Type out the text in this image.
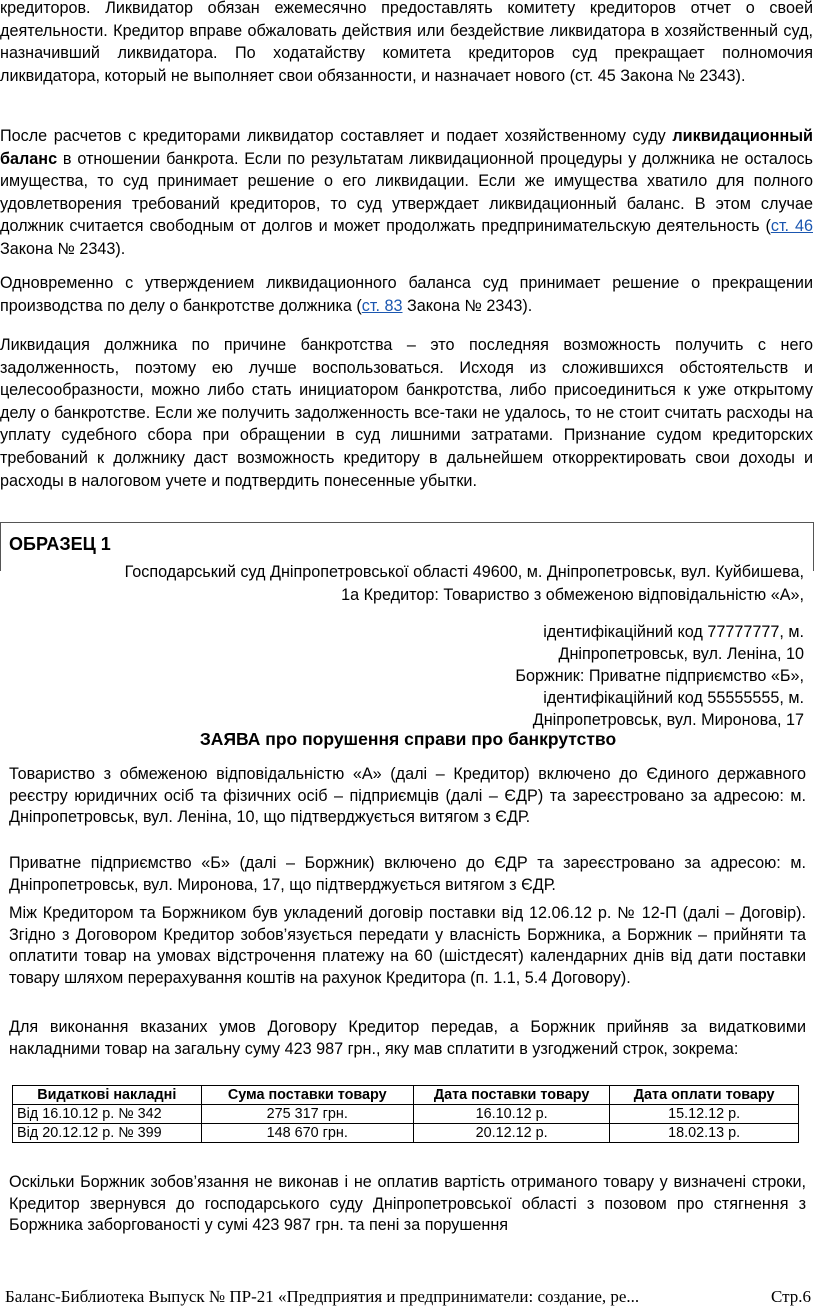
кредиторов. Ликвидатор обязан ежемесячно предоставлять комитету кредиторов отчет о своей деятельности. Кредитор вправе обжаловать действия или бездействие ликвидатора в хозяйственный суд, назначивший ликвидатора. По ходатайству комитета кредиторов суд прекращает полномочия ликвидатора, который не выполняет свои обязанности, и назначает нового (ст. 45 Закона № 2343).

После расчетов с кредиторами ликвидатор составляет и подает хозяйственному суду ликвидационный баланс в отношении банкрота. Если по результатам ликвидационной процедуры у должника не осталось имущества, то суд принимает решение о его ликвидации. Если же имущества хватило для полного удовлетворения требований кредиторов, то суд утверждает ликвидационный баланс. В этом случае должник считается свободным от долгов и может продолжать предпринимательскую деятельность (ст. 46 Закона № 2343).

Одновременно с утверждением ликвидационного баланса суд принимает решение о прекращении производства по делу о банкротстве должника (ст. 83 Закона № 2343).

Ликвидация должника по причине банкротства – это последняя возможность получить с него задолженность, поэтому ею лучше воспользоваться. Исходя из сложившихся обстоятельств и целесообразности, можно либо стать инициатором банкротства, либо присоединиться к уже открытому делу о банкротстве. Если же получить задолженность все-таки не удалось, то не стоит считать расходы на уплату судебного сбора при обращении в суд лишними затратами. Признание судом кредиторских требований к должнику даст возможность кредитору в дальнейшем откорректировать свои доходы и расходы в налоговом учете и подтвердить понесенные убытки.

ОБРАЗЕЦ 1

Господарський суд Дніпропетровської області 49600, м. Дніпропетровськ, вул. Куйбишева,

1а Кредитор: Товариство з обмеженою відповідальністю «А»,

ідентифікаційний код 77777777, м.

Дніпропетровськ, вул. Леніна, 10

Боржник: Приватне підприємство «Б»,

ідентифікаційний код 55555555, м.

Дніпропетровськ, вул. Миронова, 17

ЗАЯВА про порушення справи про банкрутство

Товариство з обмеженою відповідальністю «А» (далі – Кредитор) включено до Єдиного державного реєстру юридичних осіб та фізичних осіб – підприємців (далі – ЄДР) та зареєстровано за адресою: м. Дніпропетровськ, вул. Леніна, 10, що підтверджується витягом з ЄДР.

Приватне підприємство «Б» (далі – Боржник) включено до ЄДР та зареєстровано за адресою: м. Дніпропетровськ, вул. Миронова, 17, що підтверджується витягом з ЄДР.

Між Кредитором та Боржником був укладений договір поставки від 12.06.12 р. № 12-П (далі – Договір). Згідно з Договором Кредитор зобов’язується передати у власність Боржника, а Боржник – прийняти та оплатити товар на умовах відстрочення платежу на 60 (шістдесят) календарних днів від дати поставки товару шляхом перерахування коштів на рахунок Кредитора (п. 1.1, 5.4 Договору).

Для виконання вказаних умов Договору Кредитор передав, а Боржник прийняв за видатковими накладними товар на загальну суму 423 987 грн., яку мав сплатити в узгоджений строк, зокрема:

Видаткові накладні	Сума поставки товару	Дата поставки товару	Дата оплати товару
Від 16.10.12 р. № 342	275 317 грн.	16.10.12 р.	15.12.12 р.
Від 20.12.12 р. № 399	148 670 грн.	20.12.12 р.	18.02.13 р.

Оскільки Боржник зобов’язання не виконав і не оплатив вартість отриманого товару у визначені строки, Кредитор звернувся до господарського суду Дніпропетровської області з позовом про стягнення з Боржника заборгованості у сумі 423 987 грн. та пені за порушення

Баланс-Библиотека Выпуск № ПР-21 «Предприятия и предприниматели: создание, ре...	Стр.6
